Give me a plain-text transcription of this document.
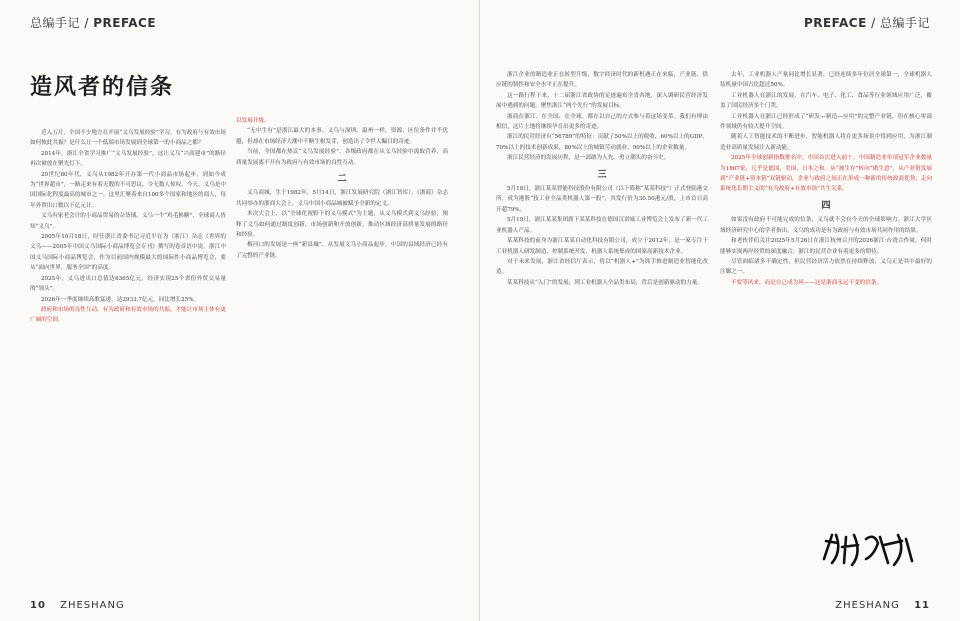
总编手记 / PREFACE
造风者的信条

近入五月，全国不少地方在开展“义乌发展经验”学习。有为政府与有效市场如何彼此共振？是什么让一个低端市场发展到全球第一的小商品之都？

2014年，浙江全省学习推广“义乌发展经验”，这让义乌“兴商建市”的路径再次被放在聚光灯下。

20世纪80年代，义乌从1982年开办第一代小商品市场起步，到如今成为“世界超市”，一路走来有着无数的不可思议，令无数人惊叹。今天，义乌是中国国际化程度最高的城市之一，这里汇聚着来自100多个国家和地区的商人，每年外贸出口数以千亿元计。

义乌有家老会计的小商品贸易的杂货铺。义乌一个“鸡毛换糖”，全球商人皆知“义乌”。

2005年10月18日，时任浙江省委书记习近平在为（浙江）杂志《世界的义乌——2005年中国义乌国际小商品博览会专刊》撰写的卷首语中说，浙江中国义乌国际小商品博览会，作为目前国内规模最大的国际性小商品博览会，要从“面向世界，服务全国”的高度。

2025年，义乌进出口总值达6365亿元，经济实现25个省份外贸交易量的“领头”。

2026年一季度继续高歌猛进，达2933.7亿元，同比增长25%。

政府和市场的良性互动，有为政府和有效市场的共振，才能让市场主体有更广阔的空间。

以发展升级。

“无中生有”是浙江最大的本事。义乌与深圳、温州一样，资源、区位条件并不优越，但却在市场经济大潮中不断生根发芽，创造出了令世人瞩目的奇迹。

当前，全国都在热议“义乌发展经验”。各级政府都在从义乌经验中汲取营养，高质量发展离不开有为政府与有效市场的良性互动。

二

义乌商城，生于1982年，5月14日，浙江发展研究院（浙江智库）、《浙商》杂志共同举办的浙商大会上，义乌中国小商品城被赋予全新的定义。

本次大会上，以“全球化视野下的义乌模式”为主题，从义乌模式到义乌经验，阐释了义乌如何通过制度创新、市场创新和开放创新，推动区域经济高质量发展的路径和经验。

梅河口的发展是一座“新县城”，从发展义乌小商品起步，中国的县域经济已经有了完整的产业链。

10 ZHESHANG
PREFACE / 总编手记

浙江企业的制造业正在转型升级，数字经济时代的新机遇正在来临，产业链、供应链的韧性和安全水平正在提升。

这一路行程下来，十二届浙江省政协的足迹遍布全省各地，深入调研民营经济发展中遇到的问题，聚焦浙江“两个先行”的发展目标。

浙商在浙江、在全国、在全球，都在以自己的方式参与着这场变革。我们有理由相信，这片土地将继续孕育出更多的奇迹。

浙江的民营经济有“56789”的特征：贡献了50%以上的税收，60%以上的GDP，70%以上的技术创新成果，80%以上的城镇劳动就业，90%以上的企业数量。

浙江民营经济的发展历程，是一部敢为人先、勇立潮头的奋斗史。

三

5月18日，浙江某某智能科技股份有限公司（以下简称“某某科技”）正式登陆港交所，成为港股“技工业全品类机器人第一股”，其发行价为30.50港元/股，上市首日高开超79%。

5月19日，浙江某某集团旗下某某科技在德国汉诺威工业博览会上发布了新一代工业机器人产品。

某某科技的前身为浙江某某自动化科技有限公司，成立于2012年，是一家专注于工业机器人研发制造、控制系统开发、机器人系统集成的国家高新技术企业。

对于未来发展，浙江省经信厅表示，将以“机器人+”为抓手推进制造业智能化改造。

某某科技从“入门”的发展，到工业机器人全品类布局，背后是创新驱动的力量。

去年，工业机器人产量同比增长显著，已经连续多年位居全球第一，全球机器人装机量中国占比超过50%。

工业机器人在浙江的发展，在汽车、电子、化工、食品等行业领域应用广泛，覆盖了国民经济多个门类。

工业机器人在浙江已经形成了“研发—制造—应用”的完整产业链，但在核心零部件领域仍有较大提升空间。

随着人工智能技术的不断进步，智能机器人将在更多场景中得到应用，为浙江制造业高质量发展注入新动能。

2025年全球创新指数排名中，中国首次进入前十。中国制造业单项冠军企业数量为1867家，几乎是德国、美国、日本之和。从“被生存”转向“做生意”，从产业链发展到“产业链+资本链”双链驱动，企业与政府之间正在形成一种新的传统政商优势，走向系统化长期主义的“有为政府+有效市场”共生关系。

四

如果没有政府不可能完成的信条，义乌就不会有今天的全球影响力。浙江大学区域经济研究中心的学者指出，义乌的成功是有为政府与有效市场共同作用的结果。

和老伙伴们关注2025年5月26日在浙江杭州召开的2026浙江·台湾合作周，何时能够实现两岸经贸的深度融合，浙江的民营企业有着更多的期待。

尽管面临诸多不确定性，但民营经济活力依然在持续释放，义乌正是其中最好的注脚之一。

不要等风来，而是自己成为风——这是浙商永远不变的信条。

ZHESHANG 11
